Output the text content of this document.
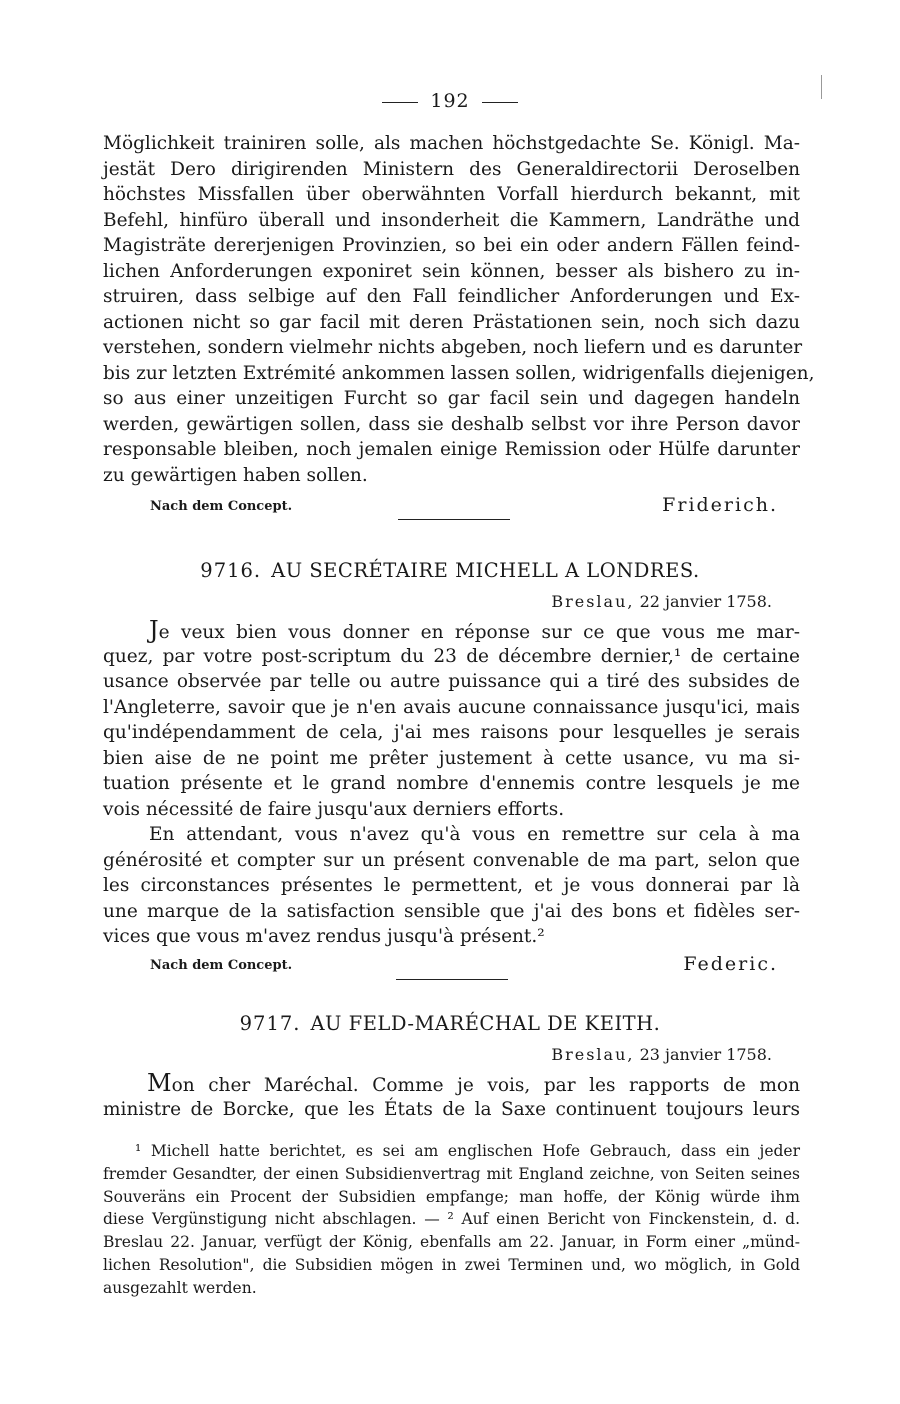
192
Möglichkeit trainiren solle, als machen höchstgedachte Se. Königl. Ma-
jestät Dero dirigirenden Ministern des Generaldirectorii Deroselben
höchstes Missfallen über oberwähnten Vorfall hierdurch bekannt, mit
Befehl, hinfüro überall und insonderheit die Kammern, Landräthe und
Magisträte dererjenigen Provinzien, so bei ein oder andern Fällen feind-
lichen Anforderungen exponiret sein können, besser als bishero zu in-
struiren, dass selbige auf den Fall feindlicher Anforderungen und Ex-
actionen nicht so gar facil mit deren Prästationen sein, noch sich dazu
verstehen, sondern vielmehr nichts abgeben, noch liefern und es darunter
bis zur letzten Extrémité ankommen lassen sollen, widrigenfalls diejenigen,
so aus einer unzeitigen Furcht so gar facil sein und dagegen handeln
werden, gewärtigen sollen, dass sie deshalb selbst vor ihre Person davor
responsable bleiben, noch jemalen einige Remission oder Hülfe darunter
zu gewärtigen haben sollen.
Nach dem Concept.	Friderich.
9716. AU SECRÉTAIRE MICHELL A LONDRES.
Breslau, 22 janvier 1758.
Je veux bien vous donner en réponse sur ce que vous me mar-
quez, par votre post-scriptum du 23 de décembre dernier,¹ de certaine
usance observée par telle ou autre puissance qui a tiré des subsides de
l'Angleterre, savoir que je n'en avais aucune connaissance jusqu'ici, mais
qu'indépendamment de cela, j'ai mes raisons pour lesquelles je serais
bien aise de ne point me prêter justement à cette usance, vu ma si-
tuation présente et le grand nombre d'ennemis contre lesquels je me
vois nécessité de faire jusqu'aux derniers efforts.
En attendant, vous n'avez qu'à vous en remettre sur cela à ma
générosité et compter sur un présent convenable de ma part, selon que
les circonstances présentes le permettent, et je vous donnerai par là
une marque de la satisfaction sensible que j'ai des bons et fidèles ser-
vices que vous m'avez rendus jusqu'à présent.²
Nach dem Concept.	Federic.
9717. AU FELD-MARÉCHAL DE KEITH.
Breslau, 23 janvier 1758.
Mon cher Maréchal. Comme je vois, par les rapports de mon
ministre de Borcke, que les États de la Saxe continuent toujours leurs
¹ Michell hatte berichtet, es sei am englischen Hofe Gebrauch, dass ein jeder
fremder Gesandter, der einen Subsidienvertrag mit England zeichne, von Seiten seines
Souveräns ein Procent der Subsidien empfange; man hoffe, der König würde ihm
diese Vergünstigung nicht abschlagen. — ² Auf einen Bericht von Finckenstein, d. d.
Breslau 22. Januar, verfügt der König, ebenfalls am 22. Januar, in Form einer „münd-
lichen Resolution", die Subsidien mögen in zwei Terminen und, wo möglich, in Gold
ausgezahlt werden.
